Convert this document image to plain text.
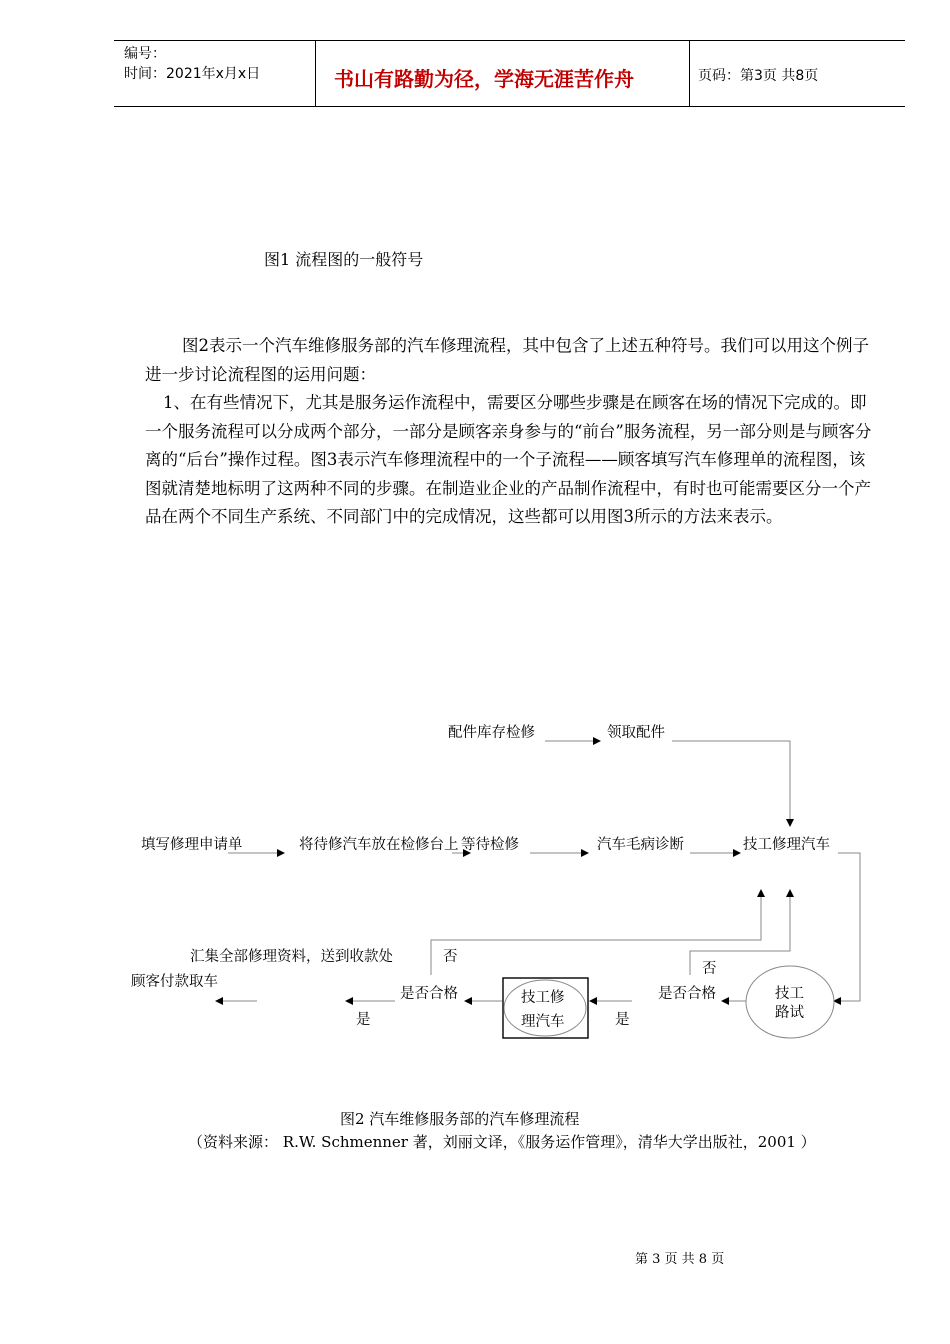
编号：
时间：2021年x月x日	书山有路勤为径，学海无涯苦作舟	页码：第3页 共8页
图1 流程图的一般符号

图2表示一个汽车维修服务部的汽车修理流程，其中包含了上述五种符号。我们可以用这个例子进一步讨论流程图的运用问题：

1、在有些情况下，尤其是服务运作流程中，需要区分哪些步骤是在顾客在场的情况下完成的。即一个服务流程可以分成两个部分，一部分是顾客亲身参与的“前台”服务流程，另一部分则是与顾客分离的“后台”操作过程。图3表示汽车修理流程中的一个子流程——顾客填写汽车修理单的流程图，该图就清楚地标明了这两种不同的步骤。在制造业企业的产品制作流程中，有时也可能需要区分一个产品在两个不同生产系统、不同部门中的完成情况，这些都可以用图3所示的方法来表示。

配件库存检修	领取配件
填写修理申请单	将待修汽车放在检修台上 等待检修	汽车毛病诊断	技工修理汽车
汇集全部修理资料，送到收款处	否
顾客付款取车
是否合格
是
技工修
理汽车	是
否
是否合格	技工
路试
图2 汽车维修服务部的汽车修理流程
（资料来源： R.W. Schmenner 著，刘丽文译，《服务运作管理》，清华大学出版社，2001 ）
第 3 页 共 8 页
